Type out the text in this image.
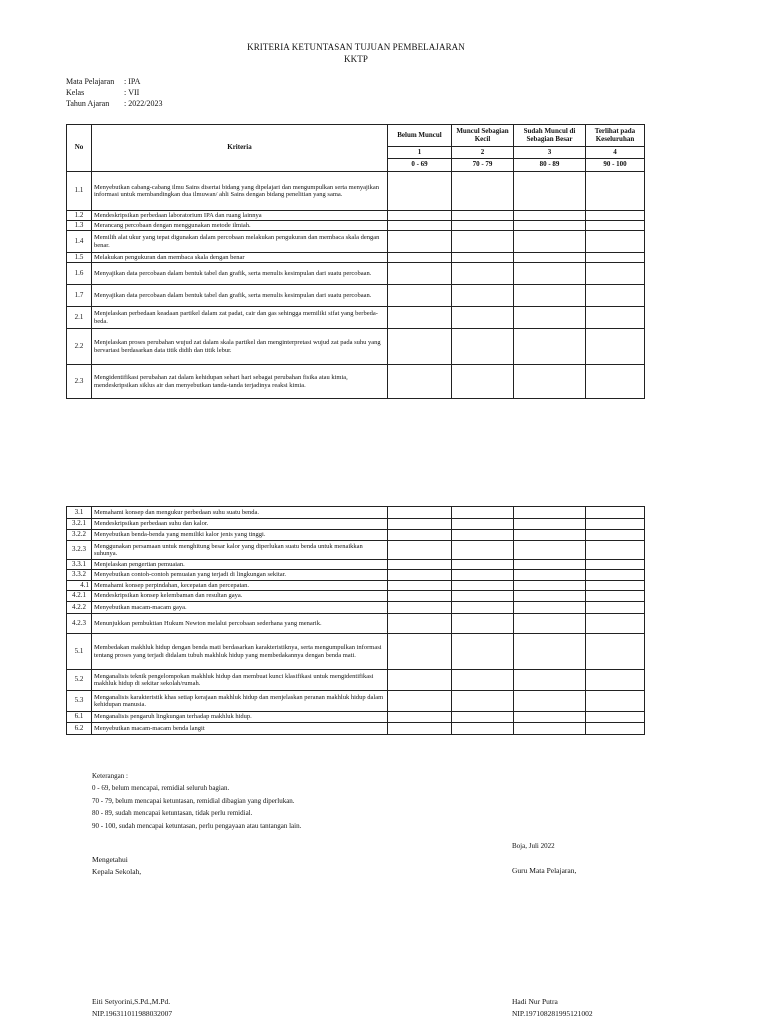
KRITERIA KETUNTASAN TUJUAN PEMBELAJARAN
KKTP
Mata Pelajaran	:
IPA
Kelas	:
VII
Tahun Ajaran	:
2022/2023
No	Kriteria	Belum Muncul	Muncul Sebagian Kecil	Sudah Muncul di Sebagian Besar	Terlihat pada Keseluruhan
		1	2	3	4
		0 - 69	70 - 79	80 - 89	90 - 100
1.1	Menyebutkan cabang-cabang ilmu Sains disertai bidang yang dipelajari dan mengumpulkan serta menyajikan informasi untuk membandingkan dua ilmuwan/ ahli Sains dengan bidang penelitian yang sama.				
1.2	Mendeskripsikan perbedaan laboratorium IPA dan ruang lainnya				
1.3	Merancang percobaan dengan menggunakan metode ilmiah.				
1.4	Memilih alat ukur yang tepat digunakan dalam percobaan melakukan pengukuran dan membaca skala dengan benar.				
1.5	Melakukan pengukuran dan membaca skala dengan benar				
1.6	Menyajikan data percobaan dalam bentuk tabel dan grafik, serta menulis kesimpulan dari suatu percobaan.				
1.7	Menyajikan data percobaan dalam bentuk tabel dan grafik, serta menulis kesimpulan dari suatu percobaan.				
2.1	Menjelaskan perbedaan keadaan partikel dalam zat padat, cair dan gas sehingga memiliki sifat yang berbeda-beda.				
2.2	Menjelaskan proses perubahan wujud zat dalam skala partikel dan menginterpretasi wujud zat pada suhu yang bervariasi berdasarkan data titik didih dan titik lebur.				
2.3	Mengidentifikasi perubahan zat dalam kehidupan sehari hari sebagai perubahan fisika atau kimia, mendeskripsikan siklus air dan menyebutkan tanda-tanda terjadinya reaksi kimia.				
3.1	Memahami konsep dan mengukur perbedaan suhu suatu benda.				
3.2.1	Mendeskripsikan perbedaan suhu dan kalor.				
3.2.2	Menyebutkan benda-benda yang memiliki kalor jenis yang tinggi.				
3.2.3	Menggunakan persamaan untuk menghitung besar kalor yang diperlukan suatu benda untuk menaikkan suhunya.				
3.3.1	Menjelaskan pengertian pemuaian.				
3.3.2	Menyebutkan contoh-contoh pemuaian yang terjadi di lingkungan sekitar.				
4.1	Memahami konsep perpindahan, kecepatan dan percepatan.				
4.2.1	Mendeskripsikan konsep kelembaman dan resultan gaya.				
4.2.2	Menyebutkan macam-macam gaya.				
4.2.3	Menunjukkan pembuktian Hukum Newton melalui percobaan sederhana yang menarik.				
5.1	Membedakan makhluk hidup dengan benda mati berdasarkan karakteristiknya, serta mengumpulkan informasi tentang proses yang terjadi didalam tubuh makhluk hidup yang membedakannya dengan benda mati.				
5.2	Menganalisis teknik pengelompokan makhluk hidup dan membuat kunci klasifikasi untuk mengidentifikasi makhluk hidup di sekitar sekolah/rumah.				
5.3	Menganalisis karakteristik khas setiap kerajaan makhluk hidup dan menjelaskan peranan makhluk hidup dalam kehidupan manusia.				
6.1	Menganalisis pengaruh lingkungan terhadap makhluk hidup.				
6.2	Menyebutkan macam-macam benda langit				
Keterangan :
0 - 69, belum mencapai, remidial seluruh bagian.
70 - 79, belum mencapai ketuntasan, remidial dibagian yang diperlukan.
80 - 89, sudah mencapai ketuntasan, tidak perlu remidial.
90 - 100, sudah mencapai ketuntasan, perlu pengayaan atau tantangan lain.
Boja, Juli 2022
Mengetahui
Kepala Sekolah,	Guru Mata Pelajaran,
Eiti Setyorini,S.Pd.,M.Pd.
NIP.196311011988032007
Hadi Nur Putra
NIP.197108281995121002
